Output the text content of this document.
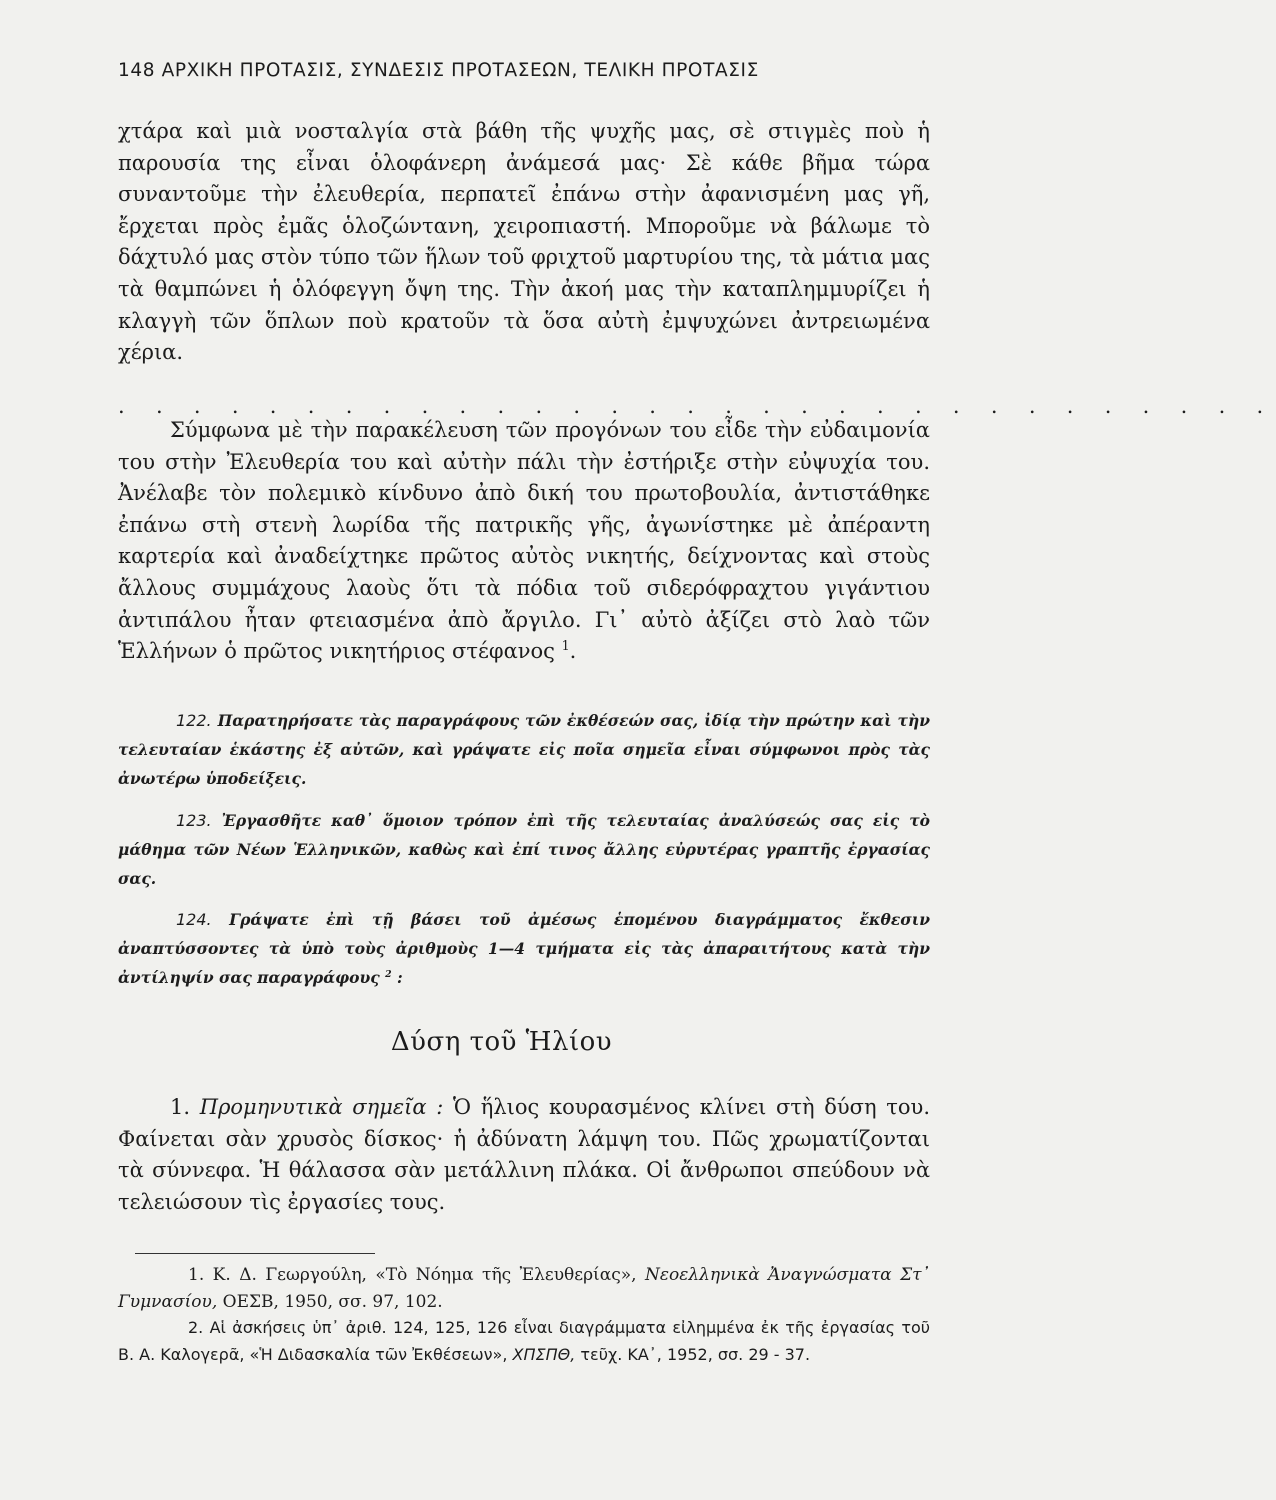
148 ΑΡΧΙΚΗ ΠΡΟΤΑΣΙΣ, ΣΥΝΔΕΣΙΣ ΠΡΟΤΑΣΕΩΝ, ΤΕΛΙΚΗ ΠΡΟΤΑΣΙΣ

χτάρα καὶ μιὰ νοσταλγία στὰ βάθη τῆς ψυχῆς μας, σὲ στιγμὲς ποὺ ἡ παρουσία της εἶναι ὁλοφάνερη ἀνάμεσά μας· Σὲ κάθε βῆμα τώρα συναντοῦμε τὴν ἐλευθερία, περπατεῖ ἐπάνω στὴν ἀφανισμένη μας γῆ, ἔρχεται πρὸς ἐμᾶς ὁλοζώντανη, χειροπιαστή. Μποροῦμε νὰ βάλωμε τὸ δάχτυλό μας στὸν τύπο τῶν ἥλων τοῦ φριχτοῦ μαρτυρίου της, τὰ μάτια μας τὰ θαμπώνει ἡ ὁλόφεγγη ὄψη της. Τὴν ἀκοή μας τὴν καταπλημμυρίζει ἡ κλαγγὴ τῶν ὅπλων ποὺ κρατοῦν τὰ ὅσα αὐτὴ ἐμψυχώνει ἀντρειωμένα χέρια.

. . . . . . . . . . . . . . . . . . . . . . . . . . . . . . .

Σύμφωνα μὲ τὴν παρακέλευση τῶν προγόνων του εἶδε τὴν εὐδαιμονία του στὴν Ἐλευθερία του καὶ αὐτὴν πάλι τὴν ἐστήριξε στὴν εὐψυχία του. Ἀνέλαβε τὸν πολεμικὸ κίνδυνο ἀπὸ δική του πρωτοβουλία, ἀντιστάθηκε ἐπάνω στὴ στενὴ λωρίδα τῆς πατρικῆς γῆς, ἀγωνίστηκε μὲ ἀπέραντη καρτερία καὶ ἀναδείχτηκε πρῶτος αὐτὸς νικητής, δείχνοντας καὶ στοὺς ἄλλους συμμάχους λαοὺς ὅτι τὰ πόδια τοῦ σιδερόφραχτου γιγάντιου ἀντιπάλου ἦταν φτειασμένα ἀπὸ ἄργιλο. Γι᾽ αὐτὸ ἀξίζει στὸ λαὸ τῶν Ἑλλήνων ὁ πρῶτος νικητήριος στέφανος $^1$.

122. Παρατηρήσατε τὰς παραγράφους τῶν ἐκθέσεών σας, ἰδίᾳ τὴν πρώτην καὶ τὴν τελευταίαν ἑκάστης ἐξ αὐτῶν, καὶ γράψατε εἰς ποῖα σημεῖα εἶναι σύμφωνοι πρὸς τὰς ἀνωτέρω ὑποδείξεις.

123. Ἐργασθῆτε καθ᾽ ὅμοιον τρόπον ἐπὶ τῆς τελευταίας ἀναλύσεώς σας εἰς τὸ μάθημα τῶν Νέων Ἑλληνικῶν, καθὼς καὶ ἐπί τινος ἄλλης εὐρυτέρας γραπτῆς ἐργασίας σας.

124. Γράψατε ἐπὶ τῇ βάσει τοῦ ἀμέσως ἑπομένου διαγράμματος ἔκθεσιν ἀναπτύσσοντες τὰ ὑπὸ τοὺς ἀριθμοὺς 1—4 τμήματα εἰς τὰς ἀπαραιτήτους κατὰ τὴν ἀντίληψίν σας παραγράφους $^2$ :

Δύση τοῦ Ἡλίου

1. Προμηνυτικὰ σημεῖα : Ὁ ἥλιος κουρασμένος κλίνει στὴ δύση του. Φαίνεται σὰν χρυσὸς δίσκος· ἡ ἀδύνατη λάμψη του. Πῶς χρωματίζονται τὰ σύννεφα. Ἡ θάλασσα σὰν μετάλλινη πλάκα. Οἱ ἄνθρωποι σπεύδουν νὰ τελειώσουν τὶς ἐργασίες τους.

1. Κ. Δ. Γεωργούλη, «Τὸ Νόημα τῆς Ἐλευθερίας», Νεοελληνικὰ Ἀναγνώσματα Στ᾽ Γυμνασίου, ΟΕΣΒ, 1950, σσ. 97, 102.

2. Αἱ ἀσκήσεις ὑπ᾽ ἀριθ. 124, 125, 126 εἶναι διαγράμματα εἰλημμένα ἐκ τῆς ἐργασίας τοῦ Β. Α. Καλογερᾶ, «Ἡ Διδασκαλία τῶν Ἐκθέσεων», ΧΠΣΠΘ, τεῦχ. ΚΑ᾽, 1952, σσ. 29 - 37.
